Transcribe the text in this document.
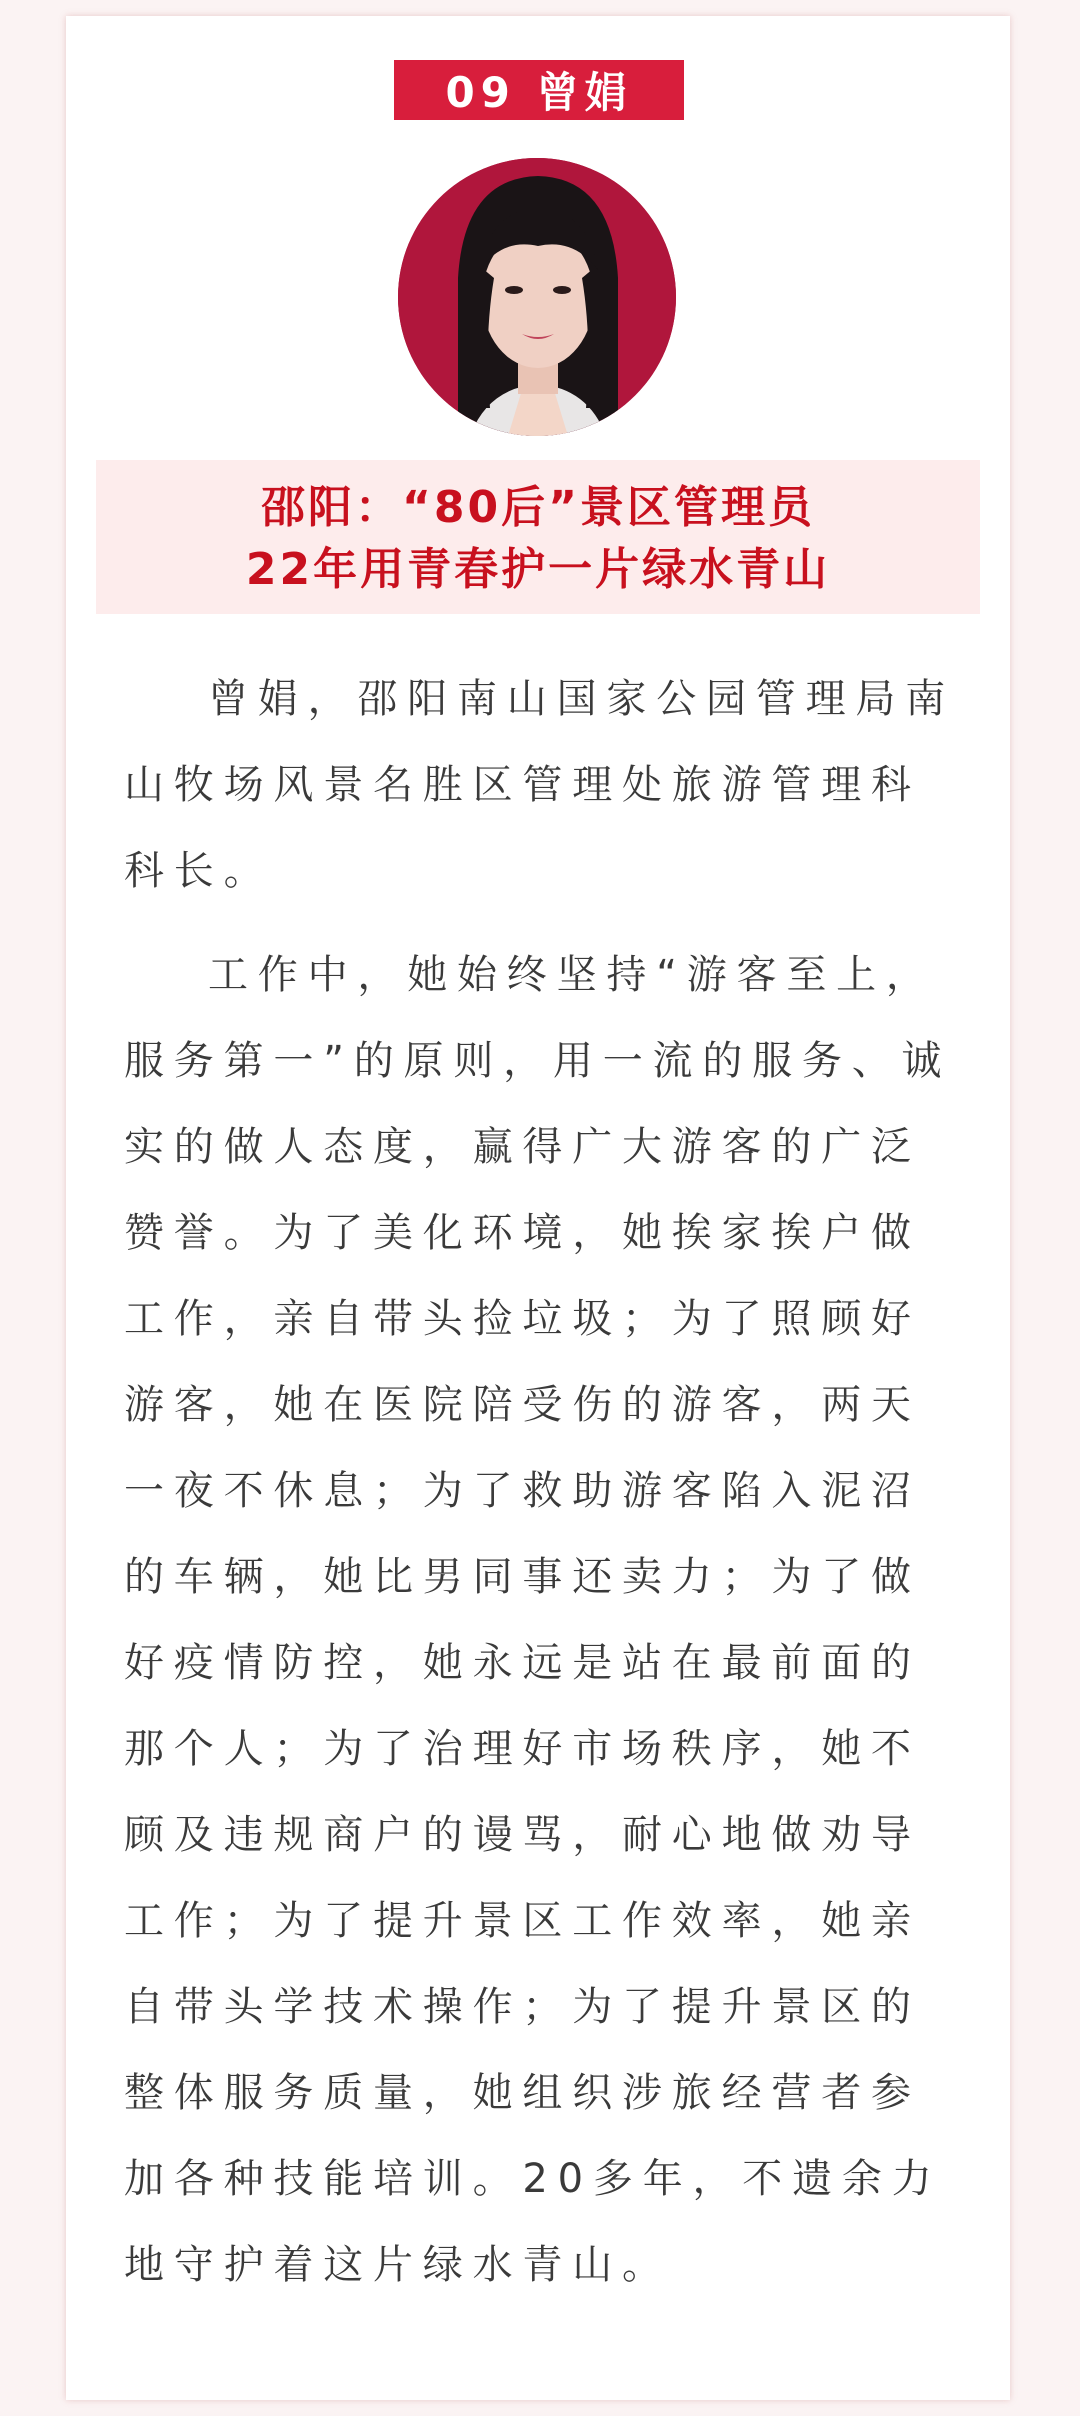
09 曾娟
邵阳：“80后”景区管理员
22年用青春护一片绿水青山
曾娟，邵阳南山国家公园管理局南山牧场风景名胜区管理处旅游管理科科长。
工作中，她始终坚持“游客至上，服务第一”的原则，用一流的服务、诚实的做人态度，赢得广大游客的广泛赞誉。为了美化环境，她挨家挨户做工作，亲自带头捡垃圾；为了照顾好游客，她在医院陪受伤的游客，两天一夜不休息；为了救助游客陷入泥沼的车辆，她比男同事还卖力；为了做好疫情防控，她永远是站在最前面的那个人；为了治理好市场秩序，她不顾及违规商户的谩骂，耐心地做劝导工作；为了提升景区工作效率，她亲自带头学技术操作；为了提升景区的整体服务质量，她组织涉旅经营者参加各种技能培训。20多年，不遗余力地守护着这片绿水青山。
